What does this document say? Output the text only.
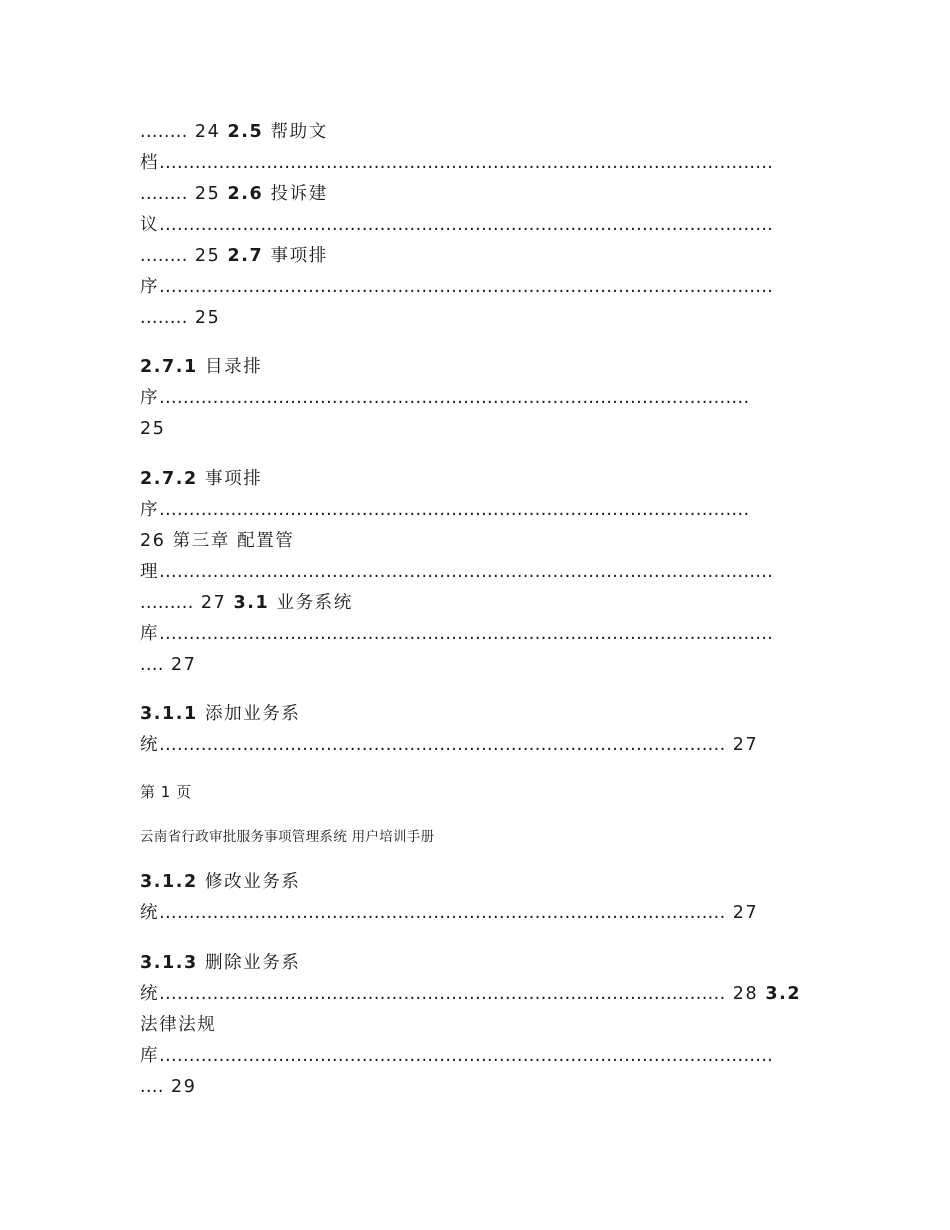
........ 24 2.5 帮助文
档.......................................................................................................
........ 25 2.6 投诉建
议.......................................................................................................
........ 25 2.7 事项排
序.......................................................................................................
........ 25
2.7.1 目录排
序...................................................................................................
25
2.7.2 事项排
序...................................................................................................
26 第三章 配置管
理.......................................................................................................
......... 27 3.1 业务系统
库.......................................................................................................
.... 27
3.1.1 添加业务系
统............................................................................................... 27
第 1 页
云南省行政审批服务事项管理系统 用户培训手册
3.1.2 修改业务系
统............................................................................................... 27
3.1.3 删除业务系
统............................................................................................... 28 3.2
法律法规
库.......................................................................................................
.... 29
